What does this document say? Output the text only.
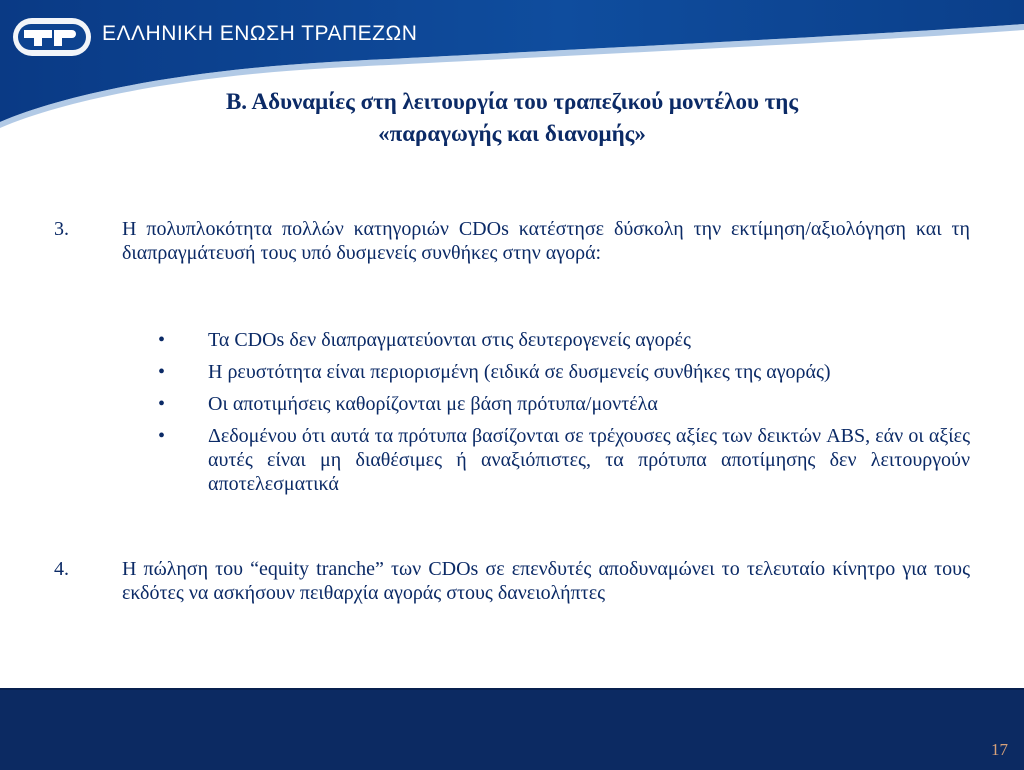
ΕΛΛΗΝΙΚΗ ΕΝΩΣΗ ΤΡΑΠΕΖΩΝ
Β. Αδυναμίες στη λειτουργία του τραπεζικού μοντέλου της
«παραγωγής και διανομής»
3.	Η πολυπλοκότητα πολλών κατηγοριών CDOs κατέστησε δύσκολη την εκτίμηση/αξιολόγηση και τη διαπραγμάτευσή τους υπό δυσμενείς συνθήκες στην αγορά:
• Τα CDOs δεν διαπραγματεύονται στις δευτερογενείς αγορές
• Η ρευστότητα είναι περιορισμένη (ειδικά σε δυσμενείς συνθήκες της αγοράς)
• Οι αποτιμήσεις καθορίζονται με βάση πρότυπα/μοντέλα
• Δεδομένου ότι αυτά τα πρότυπα βασίζονται σε τρέχουσες αξίες των δεικτών ABS, εάν οι αξίες αυτές είναι μη διαθέσιμες ή αναξιόπιστες, τα πρότυπα αποτίμησης δεν λειτουργούν αποτελεσματικά
4.	Η πώληση του “equity tranche” των CDOs σε επενδυτές αποδυναμώνει το τελευταίο κίνητρο για τους εκδότες να ασκήσουν πειθαρχία αγοράς στους δανειολήπτες
17
